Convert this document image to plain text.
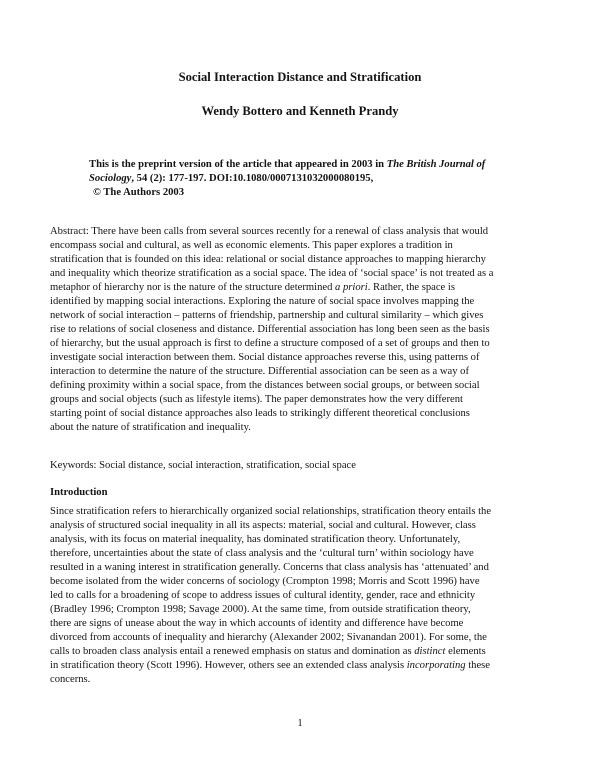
Social Interaction Distance and Stratification
Wendy Bottero and Kenneth Prandy
This is the preprint version of the article that appeared in 2003 in The British Journal of
Sociology, 54 (2): 177-197. DOI:10.1080/0007131032000080195,
© The Authors 2003
Abstract: There have been calls from several sources recently for a renewal of class analysis that would
encompass social and cultural, as well as economic elements. This paper explores a tradition in
stratification that is founded on this idea: relational or social distance approaches to mapping hierarchy
and inequality which theorize stratification as a social space. The idea of ‘social space’ is not treated as a
metaphor of hierarchy nor is the nature of the structure determined a priori. Rather, the space is
identified by mapping social interactions. Exploring the nature of social space involves mapping the
network of social interaction – patterns of friendship, partnership and cultural similarity – which gives
rise to relations of social closeness and distance. Differential association has long been seen as the basis
of hierarchy, but the usual approach is first to define a structure composed of a set of groups and then to
investigate social interaction between them. Social distance approaches reverse this, using patterns of
interaction to determine the nature of the structure. Differential association can be seen as a way of
defining proximity within a social space, from the distances between social groups, or between social
groups and social objects (such as lifestyle items). The paper demonstrates how the very different
starting point of social distance approaches also leads to strikingly different theoretical conclusions
about the nature of stratification and inequality.
Keywords: Social distance, social interaction, stratification, social space
Introduction
Since stratification refers to hierarchically organized social relationships, stratification theory entails the
analysis of structured social inequality in all its aspects: material, social and cultural. However, class
analysis, with its focus on material inequality, has dominated stratification theory. Unfortunately,
therefore, uncertainties about the state of class analysis and the ‘cultural turn’ within sociology have
resulted in a waning interest in stratification generally. Concerns that class analysis has ‘attenuated’ and
become isolated from the wider concerns of sociology (Crompton 1998; Morris and Scott 1996) have
led to calls for a broadening of scope to address issues of cultural identity, gender, race and ethnicity
(Bradley 1996; Crompton 1998; Savage 2000). At the same time, from outside stratification theory,
there are signs of unease about the way in which accounts of identity and difference have become
divorced from accounts of inequality and hierarchy (Alexander 2002; Sivanandan 2001). For some, the
calls to broaden class analysis entail a renewed emphasis on status and domination as distinct elements
in stratification theory (Scott 1996). However, others see an extended class analysis incorporating these
concerns.
1
